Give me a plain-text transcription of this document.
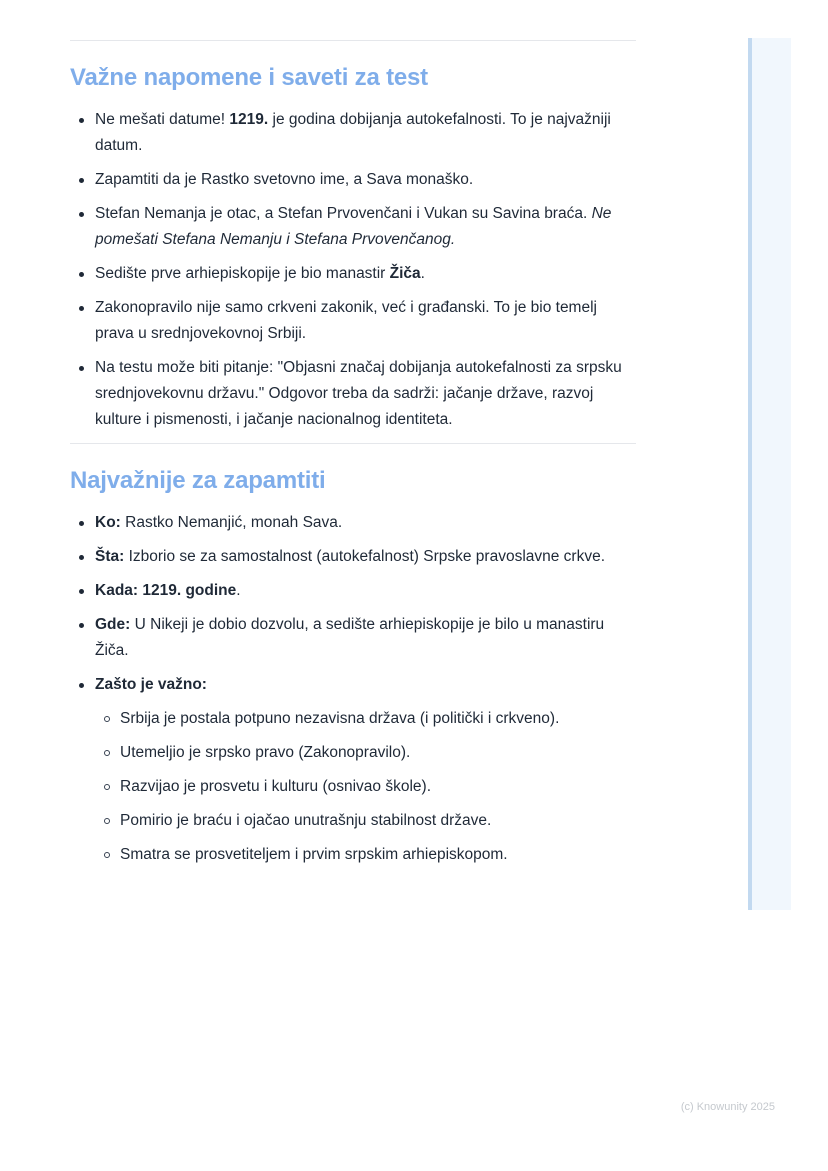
Važne napomene i saveti za test
Ne mešati datume! 1219. je godina dobijanja autokefalnosti. To je najvažniji datum.
Zapamtiti da je Rastko svetovno ime, a Sava monaško.
Stefan Nemanja je otac, a Stefan Prvovenčani i Vukan su Savina braća. Ne pomešati Stefana Nemanju i Stefana Prvovenčanog.
Sedište prve arhiepiskopije je bio manastir Žiča.
Zakonopravilo nije samo crkveni zakonik, već i građanski. To je bio temelj prava u srednjovekovnoj Srbiji.
Na testu može biti pitanje: "Objasni značaj dobijanja autokefalnosti za srpsku srednjovekovnu državu." Odgovor treba da sadrži: jačanje države, razvoj kulture i pismenosti, i jačanje nacionalnog identiteta.
Najvažnije za zapamtiti
Ko: Rastko Nemanjić, monah Sava.
Šta: Izborio se za samostalnost (autokefalnost) Srpske pravoslavne crkve.
Kada: 1219. godine.
Gde: U Nikeji je dobio dozvolu, a sedište arhiepiskopije je bilo u manastiru Žiča.
Zašto je važno:
Srbija je postala potpuno nezavisna država (i politički i crkveno).
Utemeljio je srpsko pravo (Zakonopravilo).
Razvijao je prosvetu i kulturu (osnivao škole).
Pomirio je braću i ojačao unutrašnju stabilnost države.
Smatra se prosvetiteljem i prvim srpskim arhiepiskopom.
(c) Knowunity 2025
